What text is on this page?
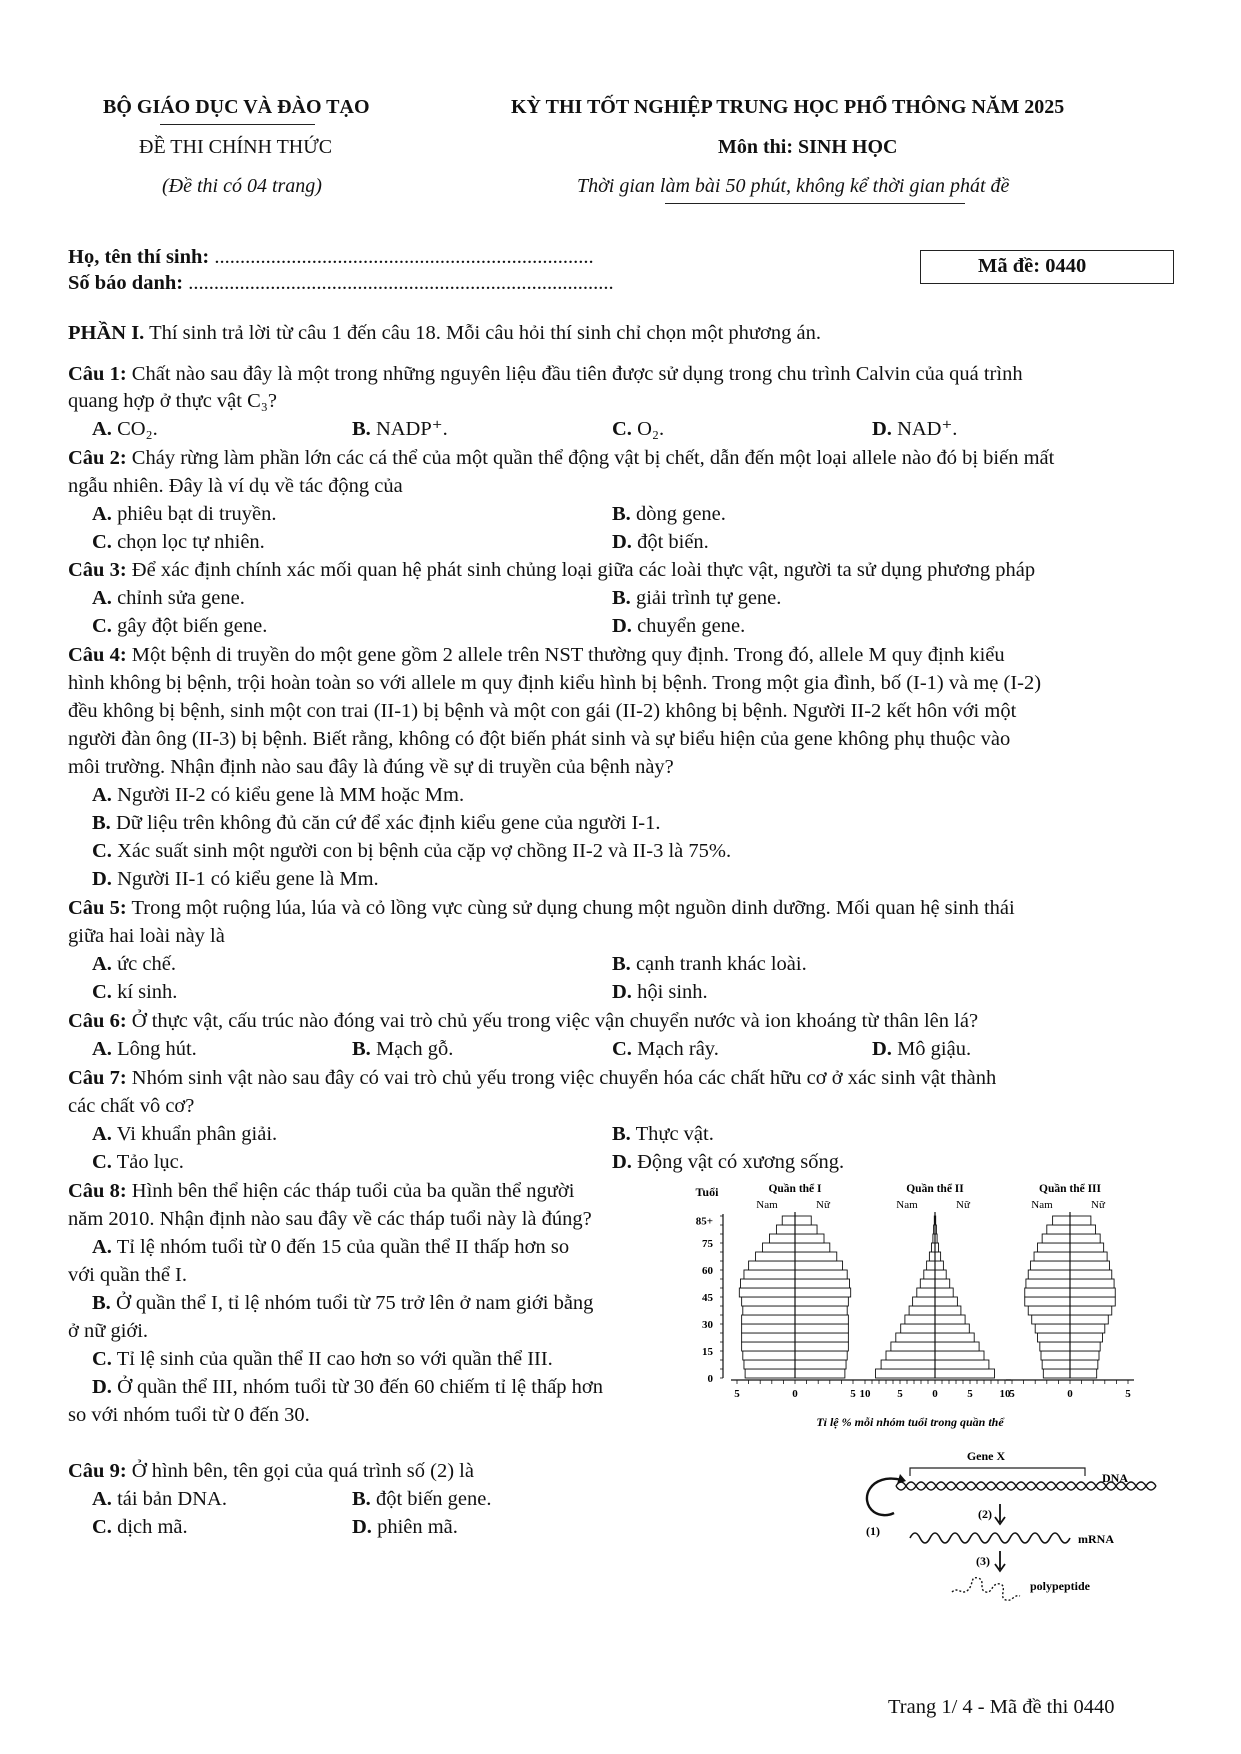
BỘ GIÁO DỤC VÀ ĐÀO TẠO
ĐỀ THI CHÍNH THỨC
(Đề thi có 04 trang)
KỲ THI TỐT NGHIỆP TRUNG HỌC PHỔ THÔNG NĂM 2025
Môn thi: SINH HỌC
Thời gian làm bài 50 phút, không kể thời gian phát đề
Họ, tên thí sinh: ..........................................................................
Số báo danh: ...................................................................................
Mã đề: 0440
PHẦN I. Thí sinh trả lời từ câu 1 đến câu 18. Mỗi câu hỏi thí sinh chỉ chọn một phương án.
Câu 1: Chất nào sau đây là một trong những nguyên liệu đầu tiên được sử dụng trong chu trình Calvin của quá trình
quang hợp ở thực vật C₃?
A. CO₂.	B. NADP⁺.	C. O₂.	D. NAD⁺.
Câu 2: Cháy rừng làm phần lớn các cá thể của một quần thể động vật bị chết, dẫn đến một loại allele nào đó bị biến mất
ngẫu nhiên. Đây là ví dụ về tác động của
A. phiêu bạt di truyền.	B. dòng gene.
C. chọn lọc tự nhiên.	D. đột biến.
Câu 3: Để xác định chính xác mối quan hệ phát sinh chủng loại giữa các loài thực vật, người ta sử dụng phương pháp
A. chỉnh sửa gene.	B. giải trình tự gene.
C. gây đột biến gene.	D. chuyển gene.
Câu 4: Một bệnh di truyền do một gene gồm 2 allele trên NST thường quy định. Trong đó, allele M quy định kiểu
hình không bị bệnh, trội hoàn toàn so với allele m quy định kiểu hình bị bệnh. Trong một gia đình, bố (I-1) và mẹ (I-2)
đều không bị bệnh, sinh một con trai (II-1) bị bệnh và một con gái (II-2) không bị bệnh. Người II-2 kết hôn với một
người đàn ông (II-3) bị bệnh. Biết rằng, không có đột biến phát sinh và sự biểu hiện của gene không phụ thuộc vào
môi trường. Nhận định nào sau đây là đúng về sự di truyền của bệnh này?
A. Người II-2 có kiểu gene là MM hoặc Mm.
B. Dữ liệu trên không đủ căn cứ để xác định kiểu gene của người I-1.
C. Xác suất sinh một người con bị bệnh của cặp vợ chồng II-2 và II-3 là 75%.
D. Người II-1 có kiểu gene là Mm.
Câu 5: Trong một ruộng lúa, lúa và cỏ lồng vực cùng sử dụng chung một nguồn dinh dưỡng. Mối quan hệ sinh thái
giữa hai loài này là
A. ức chế.	B. cạnh tranh khác loài.
C. kí sinh.	D. hội sinh.
Câu 6: Ở thực vật, cấu trúc nào đóng vai trò chủ yếu trong việc vận chuyển nước và ion khoáng từ thân lên lá?
A. Lông hút.	B. Mạch gỗ.	C. Mạch rây.	D. Mô giậu.
Câu 7: Nhóm sinh vật nào sau đây có vai trò chủ yếu trong việc chuyển hóa các chất hữu cơ ở xác sinh vật thành
các chất vô cơ?
A. Vi khuẩn phân giải.	B. Thực vật.
C. Tảo lục.	D. Động vật có xương sống.
Câu 8: Hình bên thể hiện các tháp tuổi của ba quần thể người
năm 2010. Nhận định nào sau đây về các tháp tuổi này là đúng?
A. Tỉ lệ nhóm tuổi từ 0 đến 15 của quần thể II thấp hơn so
với quần thể I.
B. Ở quần thể I, tỉ lệ nhóm tuổi từ 75 trở lên ở nam giới bằng
ở nữ giới.
C. Tỉ lệ sinh của quần thể II cao hơn so với quần thể III.
D. Ở quần thể III, nhóm tuổi từ 30 đến 60 chiếm tỉ lệ thấp hơn
so với nhóm tuổi từ 0 đến 30.
Tuổi
0
15
30
45
60
75
85+
Quần thể I
Nam	Nữ
5	0	5
Quần thể II
Nam	Nữ
10 5	0	5 10
Quần thể III
Nam	Nữ
5	0	5
Tỉ lệ % mỗi nhóm tuổi trong quần thể
Câu 9: Ở hình bên, tên gọi của quá trình số (2) là
A. tái bản DNA.	B. đột biến gene.
C. dịch mã.	D. phiên mã.
Gene X
DNA
(1)
(2)
mRNA
(3)
polypeptide
Trang 1/ 4 - Mã đề thi 0440
